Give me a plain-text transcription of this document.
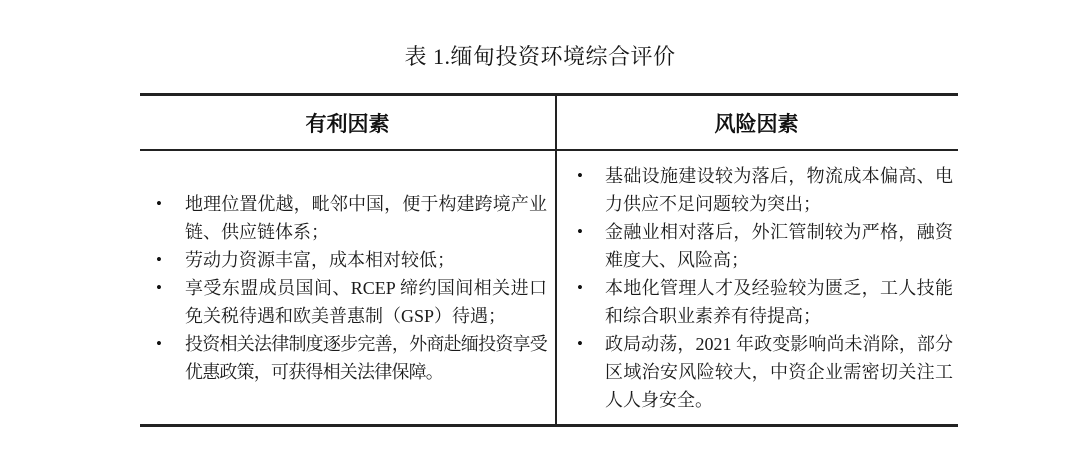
表 1.缅甸投资环境综合评价
有利因素	风险因素
• 地理位置优越，毗邻中国，便于构建跨境产业链、供应链体系；
• 劳动力资源丰富，成本相对较低；
• 享受东盟成员国间、RCEP 缔约国间相关进口免关税待遇和欧美普惠制（GSP）待遇；
• 投资相关法律制度逐步完善，外商赴缅投资享受优惠政策，可获得相关法律保障。
• 基础设施建设较为落后，物流成本偏高、电力供应不足问题较为突出；
• 金融业相对落后，外汇管制较为严格，融资难度大、风险高；
• 本地化管理人才及经验较为匮乏，工人技能和综合职业素养有待提高；
• 政局动荡，2021 年政变影响尚未消除，部分区域治安风险较大，中资企业需密切关注工人人身安全。
